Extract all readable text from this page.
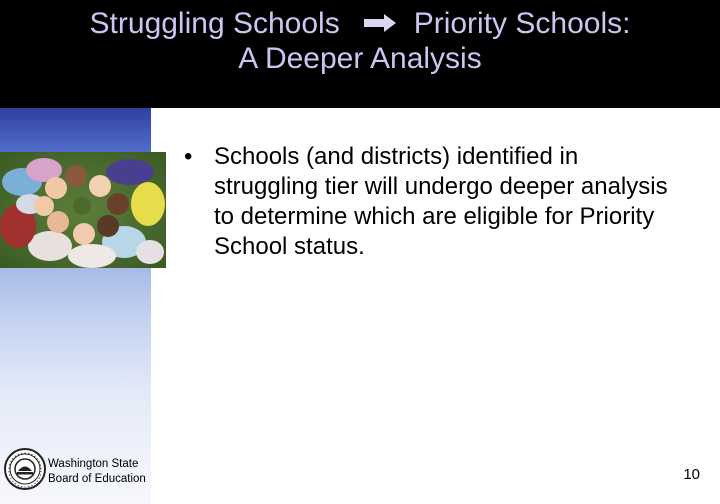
Struggling Schools Priority Schools:
A Deeper Analysis
• Schools (and districts) identified in struggling tier will undergo deeper analysis to determine which are eligible for Priority School status.
Washington State
Board of Education	10
